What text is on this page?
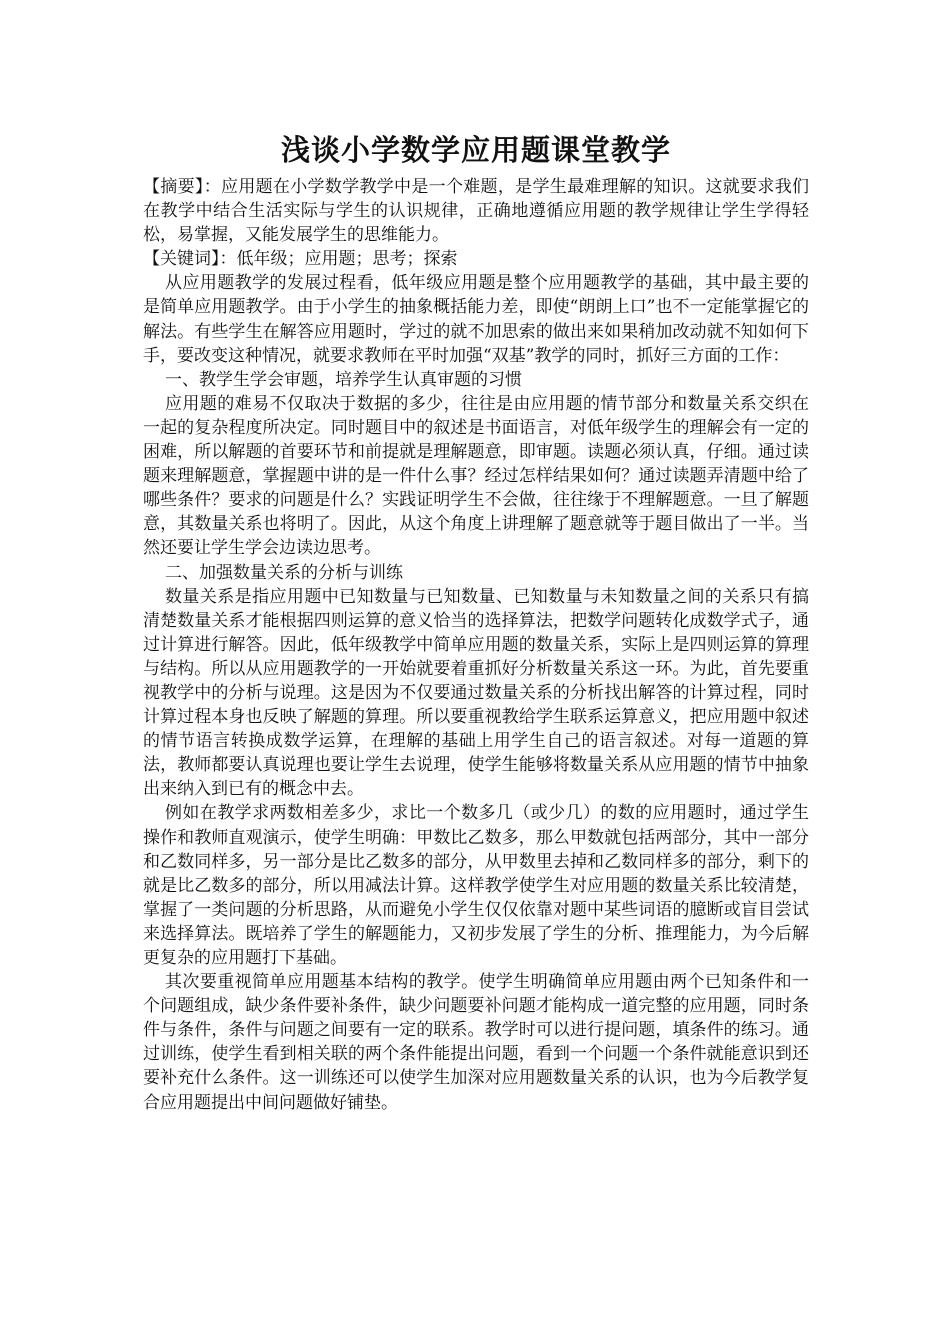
浅谈小学数学应用题课堂教学

【摘要】：应用题在小学数学教学中是一个难题，是学生最难理解的知识。这就要求我们在教学中结合生活实际与学生的认识规律，正确地遵循应用题的教学规律让学生学得轻松，易掌握，又能发展学生的思维能力。

【关键词】：低年级；应用题；思考；探索

从应用题教学的发展过程看，低年级应用题是整个应用题教学的基础，其中最主要的是简单应用题教学。由于小学生的抽象概括能力差，即使“朗朗上口”也不一定能掌握它的解法。有些学生在解答应用题时，学过的就不加思索的做出来如果稍加改动就不知如何下手，要改变这种情况，就要求教师在平时加强“双基”教学的同时，抓好三方面的工作：

一、教学生学会审题，培养学生认真审题的习惯

应用题的难易不仅取决于数据的多少，往往是由应用题的情节部分和数量关系交织在一起的复杂程度所决定。同时题目中的叙述是书面语言，对低年级学生的理解会有一定的困难，所以解题的首要环节和前提就是理解题意，即审题。读题必须认真，仔细。通过读题来理解题意，掌握题中讲的是一件什么事？经过怎样结果如何？通过读题弄清题中给了哪些条件？要求的问题是什么？实践证明学生不会做，往往缘于不理解题意。一旦了解题意，其数量关系也将明了。因此，从这个角度上讲理解了题意就等于题目做出了一半。当然还要让学生学会边读边思考。

二、加强数量关系的分析与训练

数量关系是指应用题中已知数量与已知数量、已知数量与未知数量之间的关系只有搞清楚数量关系才能根据四则运算的意义恰当的选择算法，把数学问题转化成数学式子，通过计算进行解答。因此，低年级教学中简单应用题的数量关系，实际上是四则运算的算理与结构。所以从应用题教学的一开始就要着重抓好分析数量关系这一环。为此，首先要重视教学中的分析与说理。这是因为不仅要通过数量关系的分析找出解答的计算过程，同时计算过程本身也反映了解题的算理。所以要重视教给学生联系运算意义，把应用题中叙述的情节语言转换成数学运算，在理解的基础上用学生自己的语言叙述。对每一道题的算法，教师都要认真说理也要让学生去说理，使学生能够将数量关系从应用题的情节中抽象出来纳入到已有的概念中去。

例如在教学求两数相差多少，求比一个数多几（或少几）的数的应用题时，通过学生操作和教师直观演示，使学生明确：甲数比乙数多，那么甲数就包括两部分，其中一部分和乙数同样多，另一部分是比乙数多的部分，从甲数里去掉和乙数同样多的部分，剩下的就是比乙数多的部分，所以用减法计算。这样教学使学生对应用题的数量关系比较清楚，掌握了一类问题的分析思路，从而避免小学生仅仅依靠对题中某些词语的臆断或盲目尝试来选择算法。既培养了学生的解题能力，又初步发展了学生的分析、推理能力，为今后解更复杂的应用题打下基础。

其次要重视简单应用题基本结构的教学。使学生明确简单应用题由两个已知条件和一个问题组成，缺少条件要补条件，缺少问题要补问题才能构成一道完整的应用题，同时条件与条件，条件与问题之间要有一定的联系。教学时可以进行提问题，填条件的练习。通过训练，使学生看到相关联的两个条件能提出问题，看到一个问题一个条件就能意识到还要补充什么条件。这一训练还可以使学生加深对应用题数量关系的认识，也为今后教学复合应用题提出中间问题做好铺垫。
